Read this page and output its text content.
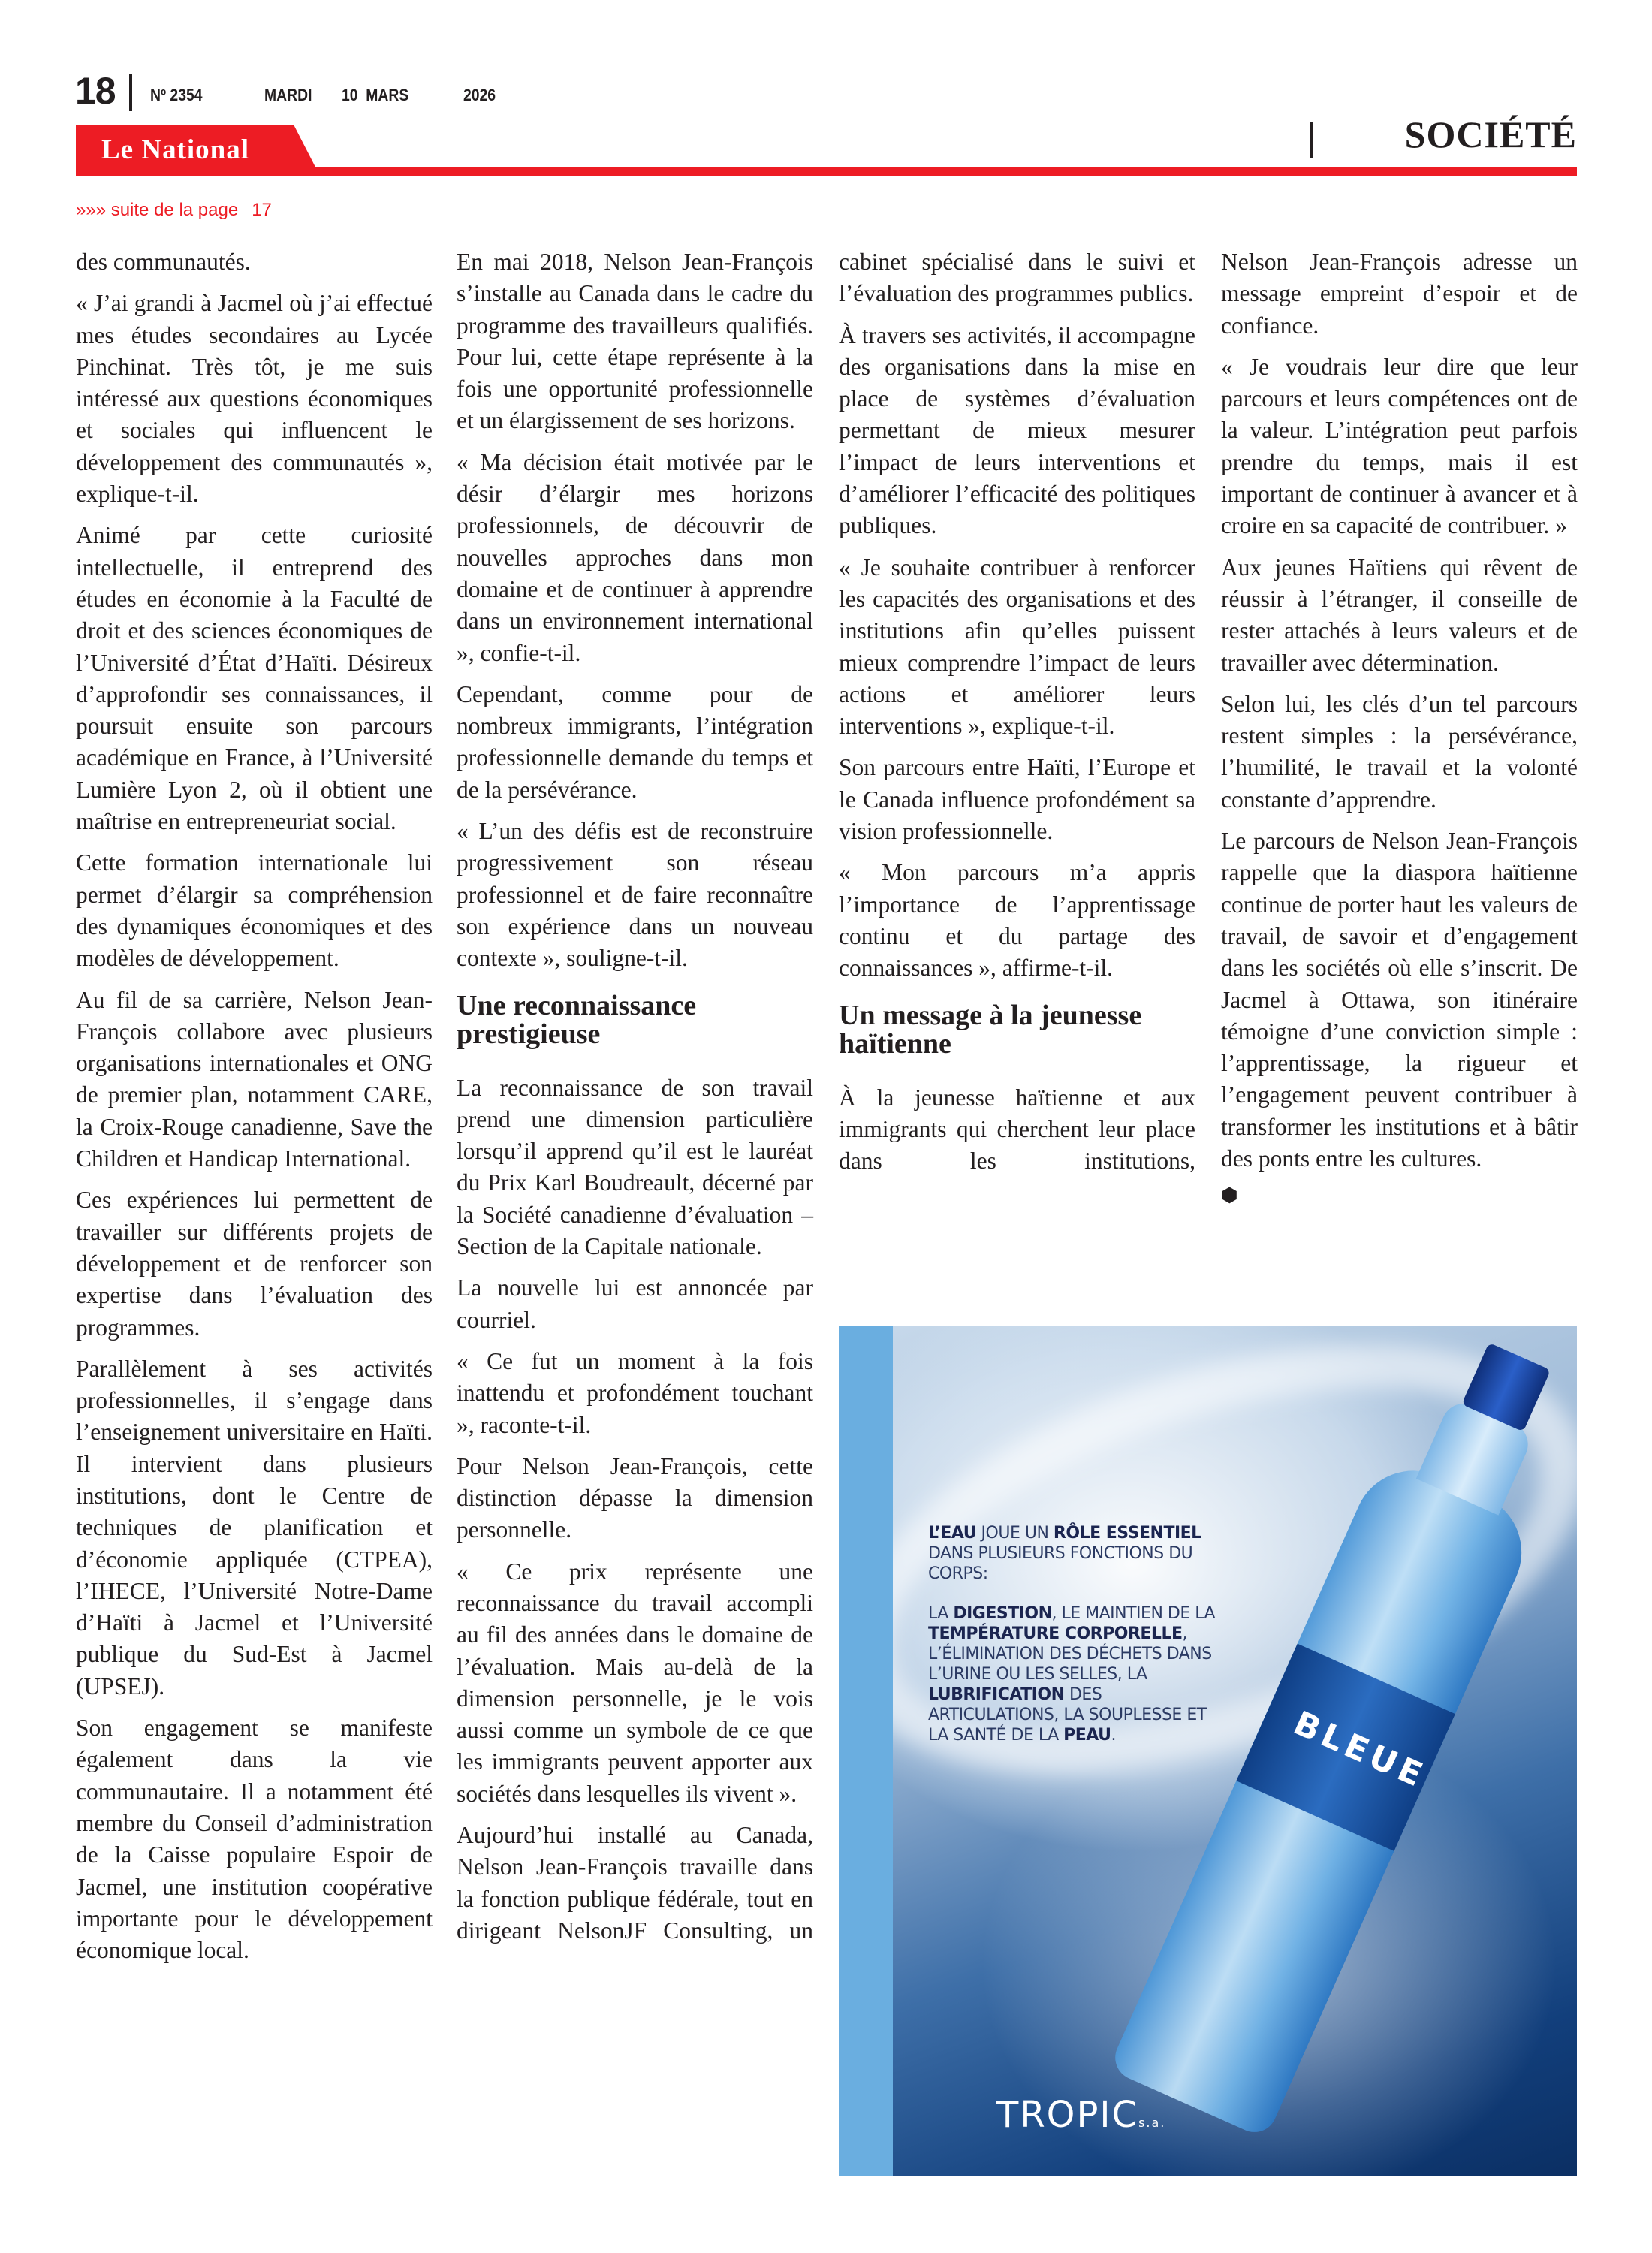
18 Nº 2354	MARDI 10  MARS	2026
Le National	SOCIÉTÉ
»»» suite de la page 17

des communautés.

« J’ai grandi à Jacmel où j’ai effectué mes études secondaires au Lycée Pinchinat. Très tôt, je me suis intéressé aux questions économiques et sociales qui influencent le développement des communautés », explique-t-il.

Animé par cette curiosité intellectuelle, il entreprend des études en économie à la Faculté de droit et des sciences économiques de l’Université d’État d’Haïti. Désireux d’approfondir ses connaissances, il poursuit ensuite son parcours académique en France, à l’Université Lumière Lyon 2, où il obtient une maîtrise en entrepreneuriat social.

Cette formation internationale lui permet d’élargir sa compréhension des dynamiques économiques et des modèles de développement.

Au fil de sa carrière, Nelson Jean-François collabore avec plusieurs organisations internationales et ONG de premier plan, notamment CARE, la Croix-Rouge canadienne, Save the Children et Handicap International.

Ces expériences lui permettent de travailler sur différents projets de développement et de renforcer son expertise dans l’évaluation des programmes.

Parallèlement à ses activités professionnelles, il s’engage dans l’enseignement universitaire en Haïti. Il intervient dans plusieurs institutions, dont le Centre de techniques de planification et d’économie appliquée (CTPEA), l’IHECE, l’Université Notre-Dame d’Haïti à Jacmel et l’Université publique du Sud-Est à Jacmel (UPSEJ).

Son engagement se manifeste également dans la vie communautaire. Il a notamment été membre du Conseil d’administration de la Caisse populaire Espoir de Jacmel, une institution coopérative importante pour le développement économique local.

En mai 2018, Nelson Jean-François s’installe au Canada dans le cadre du programme des travailleurs qualifiés. Pour lui, cette étape représente à la fois une opportunité professionnelle et un élargissement de ses horizons.

« Ma décision était motivée par le désir d’élargir mes horizons professionnels, de découvrir de nouvelles approches dans mon domaine et de continuer à apprendre dans un environnement international », confie-t-il.

Cependant, comme pour de nombreux immigrants, l’intégration professionnelle demande du temps et de la persévérance.

« L’un des défis est de reconstruire progressivement son réseau professionnel et de faire reconnaître son expérience dans un nouveau contexte », souligne-t-il.

Une reconnaissance prestigieuse

La reconnaissance de son travail prend une dimension particulière lorsqu’il apprend qu’il est le lauréat du Prix Karl Boudreault, décerné par la Société canadienne d’évaluation – Section de la Capitale nationale.

La nouvelle lui est annoncée par courriel.

« Ce fut un moment à la fois inattendu et profondément touchant », raconte-t-il.

Pour Nelson Jean-François, cette distinction dépasse la dimension personnelle.

« Ce prix représente une reconnaissance du travail accompli au fil des années dans le domaine de l’évaluation. Mais au-delà de la dimension personnelle, je le vois aussi comme un symbole de ce que les immigrants peuvent apporter aux sociétés dans lesquelles ils vivent ».

Aujourd’hui installé au Canada, Nelson Jean-François travaille dans la fonction publique fédérale, tout en dirigeant NelsonJF Consulting, un

cabinet spécialisé dans le suivi et l’évaluation des programmes publics.

À travers ses activités, il accompagne des organisations dans la mise en place de systèmes d’évaluation permettant de mieux mesurer l’impact de leurs interventions et d’améliorer l’efficacité des politiques publiques.

« Je souhaite contribuer à renforcer les capacités des organisations et des institutions afin qu’elles puissent mieux comprendre l’impact de leurs actions et améliorer leurs interventions », explique-t-il.

Son parcours entre Haïti, l’Europe et le Canada influence profondément sa vision professionnelle.

« Mon parcours m’a appris l’importance de l’apprentissage continu et du partage des connaissances », affirme-t-il.

Un message à la jeunesse haïtienne

À la jeunesse haïtienne et aux immigrants qui cherchent leur place dans les institutions,

Nelson Jean-François adresse un message empreint d’espoir et de confiance.

« Je voudrais leur dire que leur parcours et leurs compétences ont de la valeur. L’intégration peut parfois prendre du temps, mais il est important de continuer à avancer et à croire en sa capacité de contribuer. »

Aux jeunes Haïtiens qui rêvent de réussir à l’étranger, il conseille de rester attachés à leurs valeurs et de travailler avec détermination.

Selon lui, les clés d’un tel parcours restent simples : la persévérance, l’humilité, le travail et la volonté constante d’apprendre.

Le parcours de Nelson Jean-François rappelle que la diaspora haïtienne continue de porter haut les valeurs de travail, de savoir et d’engagement dans les sociétés où elle s’inscrit. De Jacmel à Ottawa, son itinéraire témoigne d’une conviction simple : l’apprentissage, la rigueur et l’engagement peuvent contribuer à transformer les institutions et à bâtir des ponts entre les cultures.

⬢

BLEUE

L’EAU JOUE UN RÔLE ESSENTIEL DANS PLUSIEURS FONCTIONS DU CORPS:

LA DIGESTION, LE MAINTIEN DE LA TEMPÉRATURE CORPORELLE, L’ÉLIMINATION DES DÉCHETS DANS L’URINE OU LES SELLES, LA LUBRIFICATION DES ARTICULATIONS, LA SOUPLESSE ET LA SANTÉ DE LA PEAU.

TROPICs.a.
